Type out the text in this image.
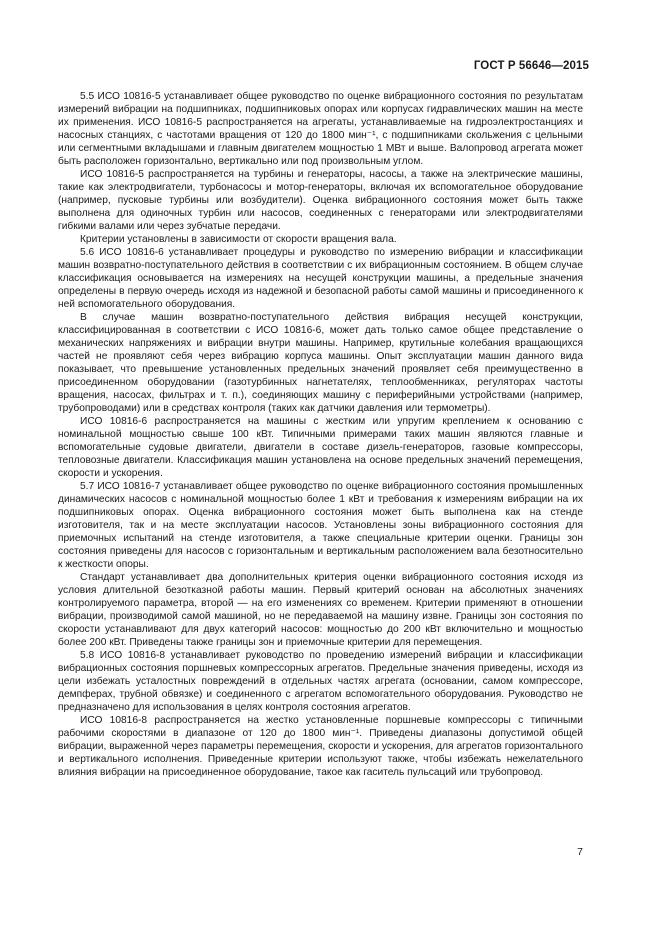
ГОСТ Р 56646—2015

5.5 ИСО 10816-5 устанавливает общее руководство по оценке вибрационного состояния по результатам измерений вибрации на подшипниках, подшипниковых опорах или корпусах гидравлических машин на месте их применения. ИСО 10816-5 распространяется на агрегаты, устанавливаемые на гидроэлектростанциях и насосных станциях, с частотами вращения от 120 до 1800 мин⁻¹, с подшипниками скольжения с цельными или сегментными вкладышами и главным двигателем мощностью 1 МВт и выше. Валопровод агрегата может быть расположен горизонтально, вертикально или под произвольным углом.

ИСО 10816-5 распространяется на турбины и генераторы, насосы, а также на электрические машины, такие как электродвигатели, турбонасосы и мотор-генераторы, включая их вспомогательное оборудование (например, пусковые турбины или возбудители). Оценка вибрационного состояния может быть также выполнена для одиночных турбин или насосов, соединенных с генераторами или электродвигателями гибкими валами или через зубчатые передачи.

Критерии установлены в зависимости от скорости вращения вала.

5.6 ИСО 10816-6 устанавливает процедуры и руководство по измерению вибрации и классификации машин возвратно-поступательного действия в соответствии с их вибрационным состоянием. В общем случае классификация основывается на измерениях на несущей конструкции машины, а предельные значения определены в первую очередь исходя из надежной и безопасной работы самой машины и присоединенного к ней вспомогательного оборудования.

В случае машин возвратно-поступательного действия вибрация несущей конструкции, классифицированная в соответствии с ИСО 10816-6, может дать только самое общее представление о механических напряжениях и вибрации внутри машины. Например, крутильные колебания вращающихся частей не проявляют себя через вибрацию корпуса машины. Опыт эксплуатации машин данного вида показывает, что превышение установленных предельных значений проявляет себя преимущественно в присоединенном оборудовании (газотурбинных нагнетателях, теплообменниках, регуляторах частоты вращения, насосах, фильтрах и т. п.), соединяющих машину с периферийными устройствами (например, трубопроводами) или в средствах контроля (таких как датчики давления или термометры).

ИСО 10816-6 распространяется на машины с жестким или упругим креплением к основанию с номинальной мощностью свыше 100 кВт. Типичными примерами таких машин являются главные и вспомогательные судовые двигатели, двигатели в составе дизель-генераторов, газовые компрессоры, тепловозные двигатели. Классификация машин установлена на основе предельных значений перемещения, скорости и ускорения.

5.7 ИСО 10816-7 устанавливает общее руководство по оценке вибрационного состояния промышленных динамических насосов с номинальной мощностью более 1 кВт и требования к измерениям вибрации на их подшипниковых опорах. Оценка вибрационного состояния может быть выполнена как на стенде изготовителя, так и на месте эксплуатации насосов. Установлены зоны вибрационного состояния для приемочных испытаний на стенде изготовителя, а также специальные критерии оценки. Границы зон состояния приведены для насосов с горизонтальным и вертикальным расположением вала безотносительно к жесткости опоры.

Стандарт устанавливает два дополнительных критерия оценки вибрационного состояния исходя из условия длительной безотказной работы машин. Первый критерий основан на абсолютных значениях контролируемого параметра, второй — на его изменениях со временем. Критерии применяют в отношении вибрации, производимой самой машиной, но не передаваемой на машину извне. Границы зон состояния по скорости устанавливают для двух категорий насосов: мощностью до 200 кВт включительно и мощностью более 200 кВт. Приведены также границы зон и приемочные критерии для перемещения.

5.8 ИСО 10816-8 устанавливает руководство по проведению измерений вибрации и классификации вибрационных состояния поршневых компрессорных агрегатов. Предельные значения приведены, исходя из цели избежать усталостных повреждений в отдельных частях агрегата (основании, самом компрессоре, демпферах, трубной обвязке) и соединенного с агрегатом вспомогательного оборудования. Руководство не предназначено для использования в целях контроля состояния агрегатов.

ИСО 10816-8 распространяется на жестко установленные поршневые компрессоры с типичными рабочими скоростями в диапазоне от 120 до 1800 мин⁻¹. Приведены диапазоны допустимой общей вибрации, выраженной через параметры перемещения, скорости и ускорения, для агрегатов горизонтального и вертикального исполнения. Приведенные критерии используют также, чтобы избежать нежелательного влияния вибрации на присоединенное оборудование, такое как гаситель пульсаций или трубопровод.

7
